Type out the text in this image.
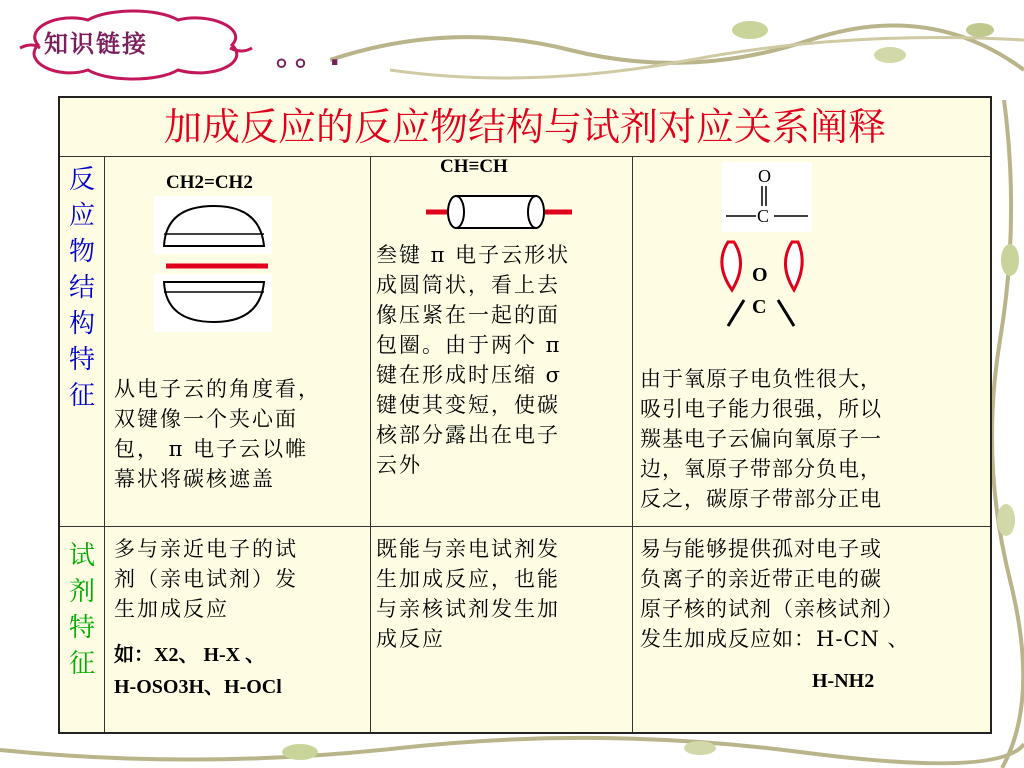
知识链接	。。.
加成反应的反应物结构与试剂对应关系阐释
反
应
物
结
构
特
征
试
剂
特
征
CH2=CH2
从电子云的角度看，
双键像一个夹心面
包， π 电子云以帷
幕状将碳核遮盖
多与亲近电子的试
剂（亲电试剂）发
生加成反应
如：X2、 H-X 、
H-OSO3H、H-OCl
CH≡CH
叁键 π 电子云形状
成圆筒状，看上去
像压紧在一起的面
包圈。由于两个 π
键在形成时压缩 σ
键使其变短，使碳
核部分露出在电子
云外
既能与亲电试剂发
生加成反应，也能
与亲核试剂发生加
成反应
O
C
O
C
由于氧原子电负性很大，
吸引电子能力很强，所以
羰基电子云偏向氧原子一
边，氧原子带部分负电，
反之，碳原子带部分正电
易与能够提供孤对电子或
负离子的亲近带正电的碳
原子核的试剂（亲核试剂）
发生加成反应如：H-CN 、
H-NH2
